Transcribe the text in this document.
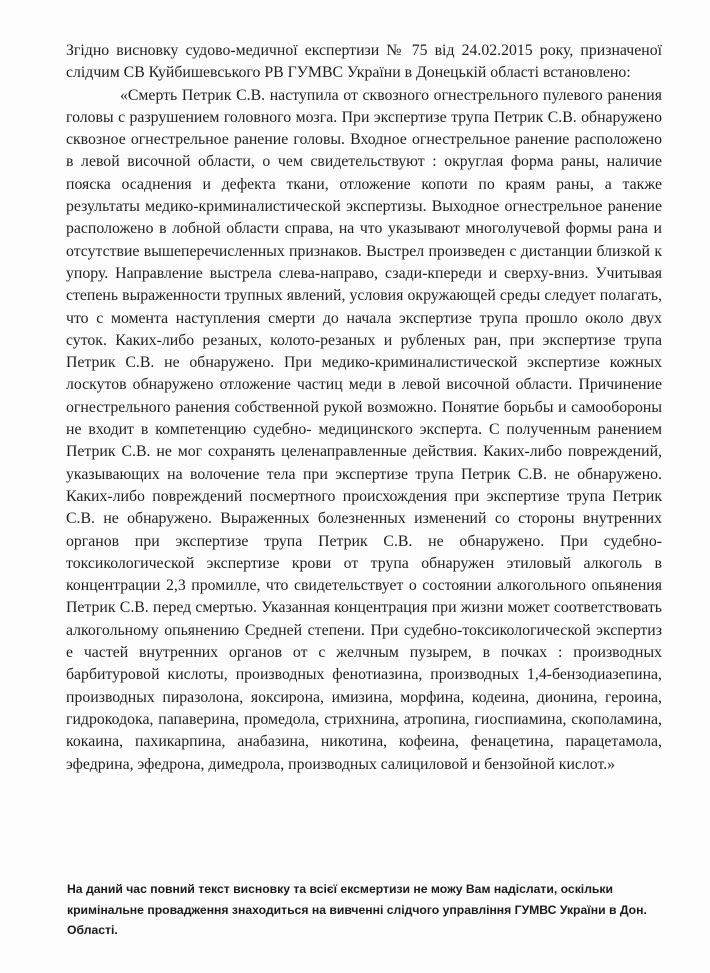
Згідно висновку судово-медичної експертизи № 75 від 24.02.2015 року, призначеної слідчим СВ Куйбишевського РВ ГУМВС України в Донецькій області встановлено:

«Смерть Петрик С.В. наступила от сквозного огнестрельного пулевого ранения головы с разрушением головного мозга. При экспертизе трупа Петрик С.В. обнаружено сквозное огнестрельное ранение головы. Входное огнестрельное ранение расположено в левой височной области, о чем свидетельствуют : округлая форма раны, наличие пояска осаднения и дефекта ткани, отложение копоти по краям раны, а также результаты медико-криминалистической экспертизы. Выходное огнестрельное ранение расположено в лобной области справа, на что указывают многолучевой формы рана и отсутствие вышеперечисленных признаков. Выстрел произведен с дистанции близкой к упору. Направление выстрела слева-направо, сзади-кпереди и сверху-вниз. Учитывая степень выраженности трупных явлений, условия окружающей среды следует полагать, что с момента наступления смерти до начала экспертизе трупа прошло около двух суток. Каких-либо резаных, колото-резаных и рубленых ран, при экспертизе трупа Петрик С.В. не обнаружено. При медико-криминалистической экспертизе кожных лоскутов обнаружено отложение частиц меди в левой височной области. Причинение огнестрельного ранения собственной рукой возможно. Понятие борьбы и самообороны не входит в компетенцию судебно- медицинского эксперта. С полученным ранением Петрик С.В. не мог сохранять целенаправленные действия. Каких-либо повреждений, указывающих на волочение тела при экспертизе трупа Петрик С.В. не обнаружено. Каких-либо повреждений посмертного происхождения при экспертизе трупа Петрик С.В. не обнаружено. Выраженных болезненных изменений со стороны внутренних органов при экспертизе трупа Петрик С.В. не обнаружено. При судебно-токсикологической экспертизе крови от трупа обнаружен этиловый алкоголь в концентрации 2,3 промилле, что свидетельствует о состоянии алкогольного опьянения Петрик С.В. перед смертью. Указанная концентрация при жизни может соответствовать алкогольному опьянению Средней степени. При судебно-токсикологической экспертиз е частей внутренних органов от с желчным пузырем, в почках : производных барбитуровой кислоты, производных фенотиазина, производных 1,4-бензодиазепина, производных пиразолона, яоксирона, имизина, морфина, кодеина, дионина, героина, гидрокодока, папаверина, промедола, стрихнина, атропина, гиоспиамина, скополамина, кокаина, пахикарпина, анабазина, никотина, кофеина, фенацетина, парацетамола, эфедрина, эфедрона, димедрола, производных салициловой и бензойной кислот.»

На даний час повний текст висновку та всієї ексмертизи не можу Вам надіслати, оскільки кримінальне провадження знаходиться на вивченні слідчого управління ГУМВС України в Дон. Області.
